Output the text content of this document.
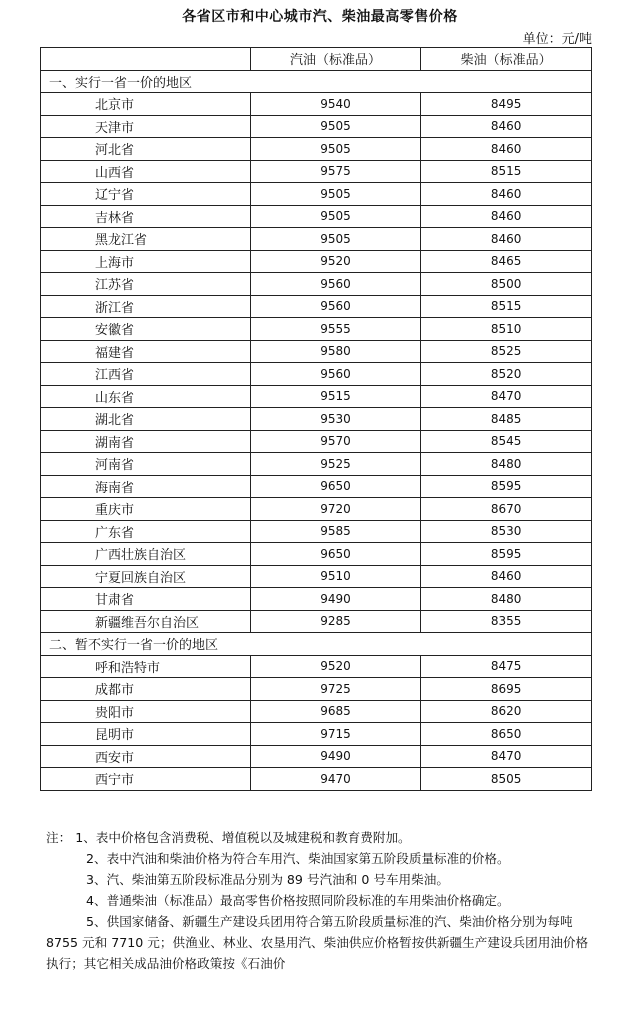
各省区市和中心城市汽、柴油最高零售价格
单位：元/吨
	汽油（标准品）	柴油（标准品）
一、实行一省一价的地区		
北京市	9540	8495
天津市	9505	8460
河北省	9505	8460
山西省	9575	8515
辽宁省	9505	8460
吉林省	9505	8460
黑龙江省	9505	8460
上海市	9520	8465
江苏省	9560	8500
浙江省	9560	8515
安徽省	9555	8510
福建省	9580	8525
江西省	9560	8520
山东省	9515	8470
湖北省	9530	8485
湖南省	9570	8545
河南省	9525	8480
海南省	9650	8595
重庆市	9720	8670
广东省	9585	8530
广西壮族自治区	9650	8595
宁夏回族自治区	9510	8460
甘肃省	9490	8480
新疆维吾尔自治区	9285	8355
二、暂不实行一省一价的地区		
呼和浩特市	9520	8475
成都市	9725	8695
贵阳市	9685	8620
昆明市	9715	8650
西安市	9490	8470
西宁市	9470	8505

注： 1、表中价格包含消费税、增值税以及城建税和教育费附加。

2、表中汽油和柴油价格为符合车用汽、柴油国家第五阶段质量标准的价格。

3、汽、柴油第五阶段标准品分别为 89 号汽油和 0 号车用柴油。

4、普通柴油（标准品）最高零售价格按照同阶段标准的车用柴油价格确定。

5、供国家储备、新疆生产建设兵团用符合第五阶段质量标准的汽、柴油价格分别为每吨 8755 元和 7710 元；供渔业、林业、农垦用汽、柴油供应价格暂按供新疆生产建设兵团用油价格执行；其它相关成品油价格政策按《石油价
